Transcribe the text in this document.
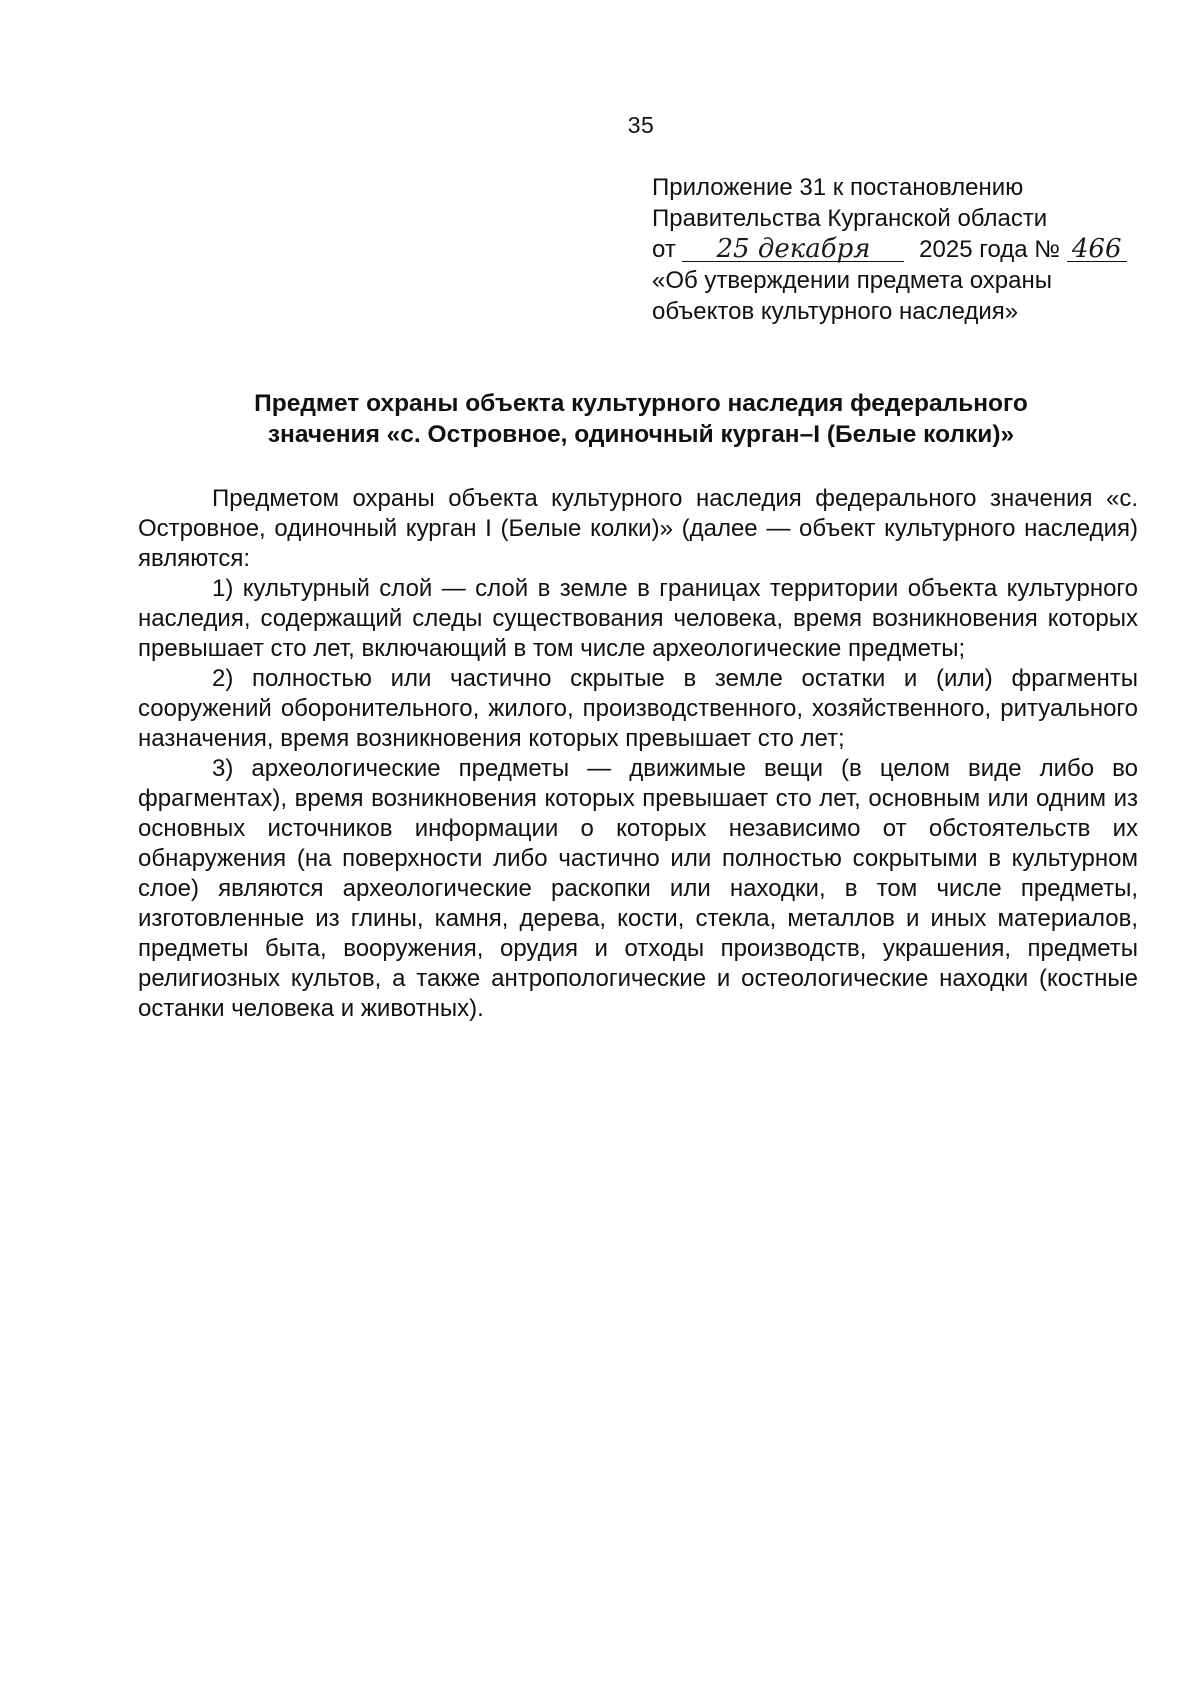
35
Приложение 31 к постановлению
Правительства Курганской области
от 25 декабря 2025 года № 466
«Об утверждении предмета охраны
объектов культурного наследия»
Предмет охраны объекта культурного наследия федерального
значения «с. Островное, одиночный курган–I (Белые колки)»

Предметом охраны объекта культурного наследия федерального значения «с. Островное, одиночный курган I (Белые колки)» (далее — объект культурного наследия) являются:

1) культурный слой — слой в земле в границах территории объекта культурного наследия, содержащий следы существования человека, время возникновения которых превышает сто лет, включающий в том числе археологические предметы;

2) полностью или частично скрытые в земле остатки и (или) фрагменты сооружений оборонительного, жилого, производственного, хозяйственного, ритуального назначения, время возникновения которых превышает сто лет;

3) археологические предметы — движимые вещи (в целом виде либо во фрагментах), время возникновения которых превышает сто лет, основным или одним из основных источников информации о которых независимо от обстоятельств их обнаружения (на поверхности либо частично или полностью сокрытыми в культурном слое) являются археологические раскопки или находки, в том числе предметы, изготовленные из глины, камня, дерева, кости, стекла, металлов и иных материалов, предметы быта, вооружения, орудия и отходы производств, украшения, предметы религиозных культов, а также антропологические и остеологические находки (костные останки человека и животных).
